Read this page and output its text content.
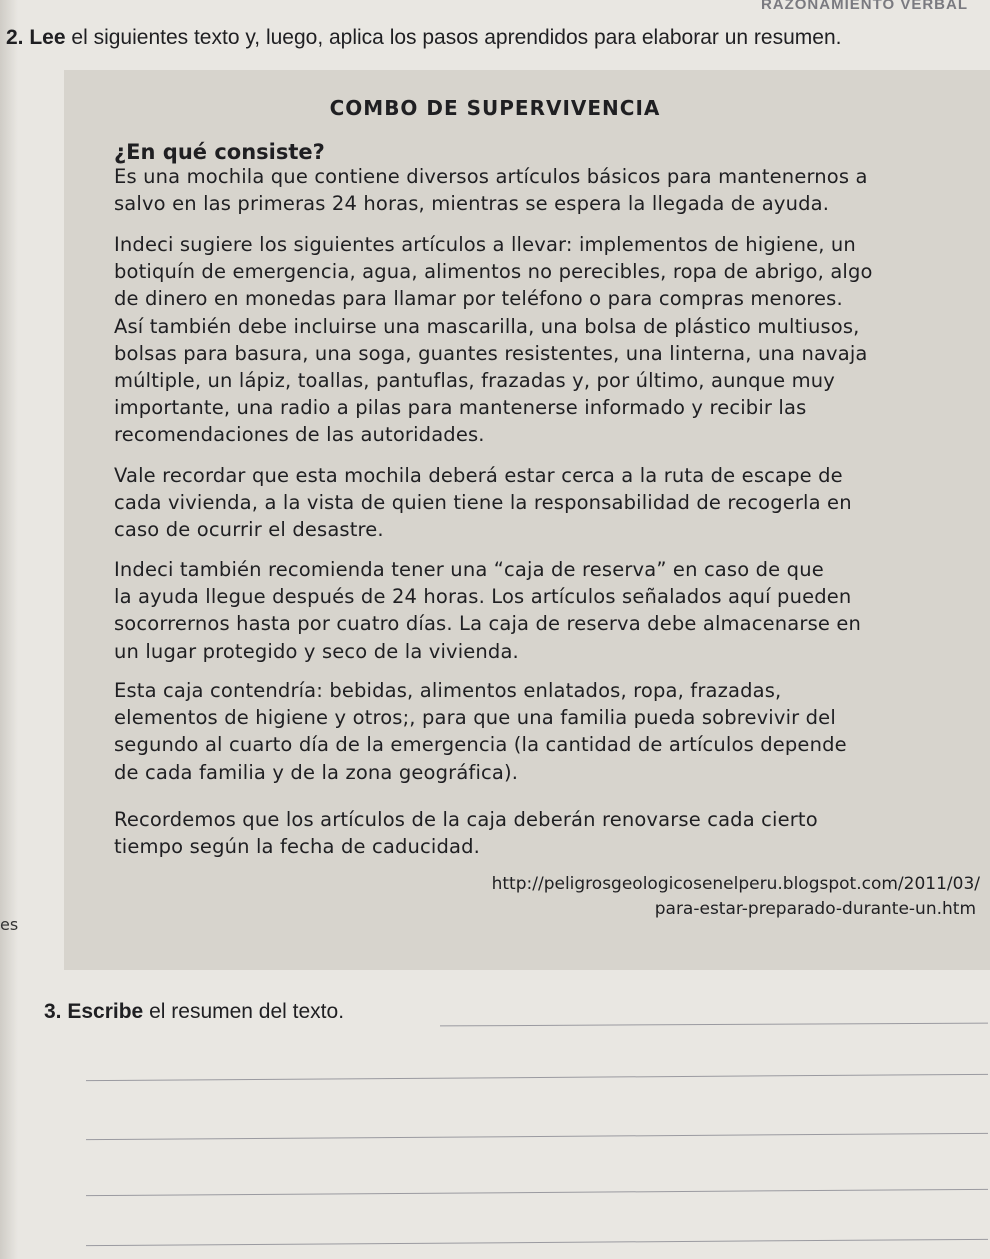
RAZONAMIENTO VERBAL
2. Lee el siguientes texto y, luego, aplica los pasos aprendidos para elaborar un resumen.
COMBO DE SUPERVIVENCIA
¿En qué consiste?
Es una mochila que contiene diversos artículos básicos para mantenernos a
salvo en las primeras 24 horas, mientras se espera la llegada de ayuda.
Indeci sugiere los siguientes artículos a llevar: implementos de higiene, un
botiquín de emergencia, agua, alimentos no perecibles, ropa de abrigo, algo
de dinero en monedas para llamar por teléfono o para compras menores.
Así también debe incluirse una mascarilla, una bolsa de plástico multiusos,
bolsas para basura, una soga, guantes resistentes, una linterna, una navaja
múltiple, un lápiz, toallas, pantuflas, frazadas y, por último, aunque muy
importante, una radio a pilas para mantenerse informado y recibir las
recomendaciones de las autoridades.
Vale recordar que esta mochila deberá estar cerca a la ruta de escape de
cada vivienda, a la vista de quien tiene la responsabilidad de recogerla en
caso de ocurrir el desastre.
Indeci también recomienda tener una “caja de reserva” en caso de que
la ayuda llegue después de 24 horas. Los artículos señalados aquí pueden
socorrernos hasta por cuatro días. La caja de reserva debe almacenarse en
un lugar protegido y seco de la vivienda.
Esta caja contendría: bebidas, alimentos enlatados, ropa, frazadas,
elementos de higiene y otros;, para que una familia pueda sobrevivir del
segundo al cuarto día de la emergencia (la cantidad de artículos depende
de cada familia y de la zona geográfica).
Recordemos que los artículos de la caja deberán renovarse cada cierto
tiempo según la fecha de caducidad.
http://peligrosgeologicosenelperu.blogspot.com/2011/03/
para-estar-preparado-durante-un.htm
es
3. Escribe el resumen del texto.
